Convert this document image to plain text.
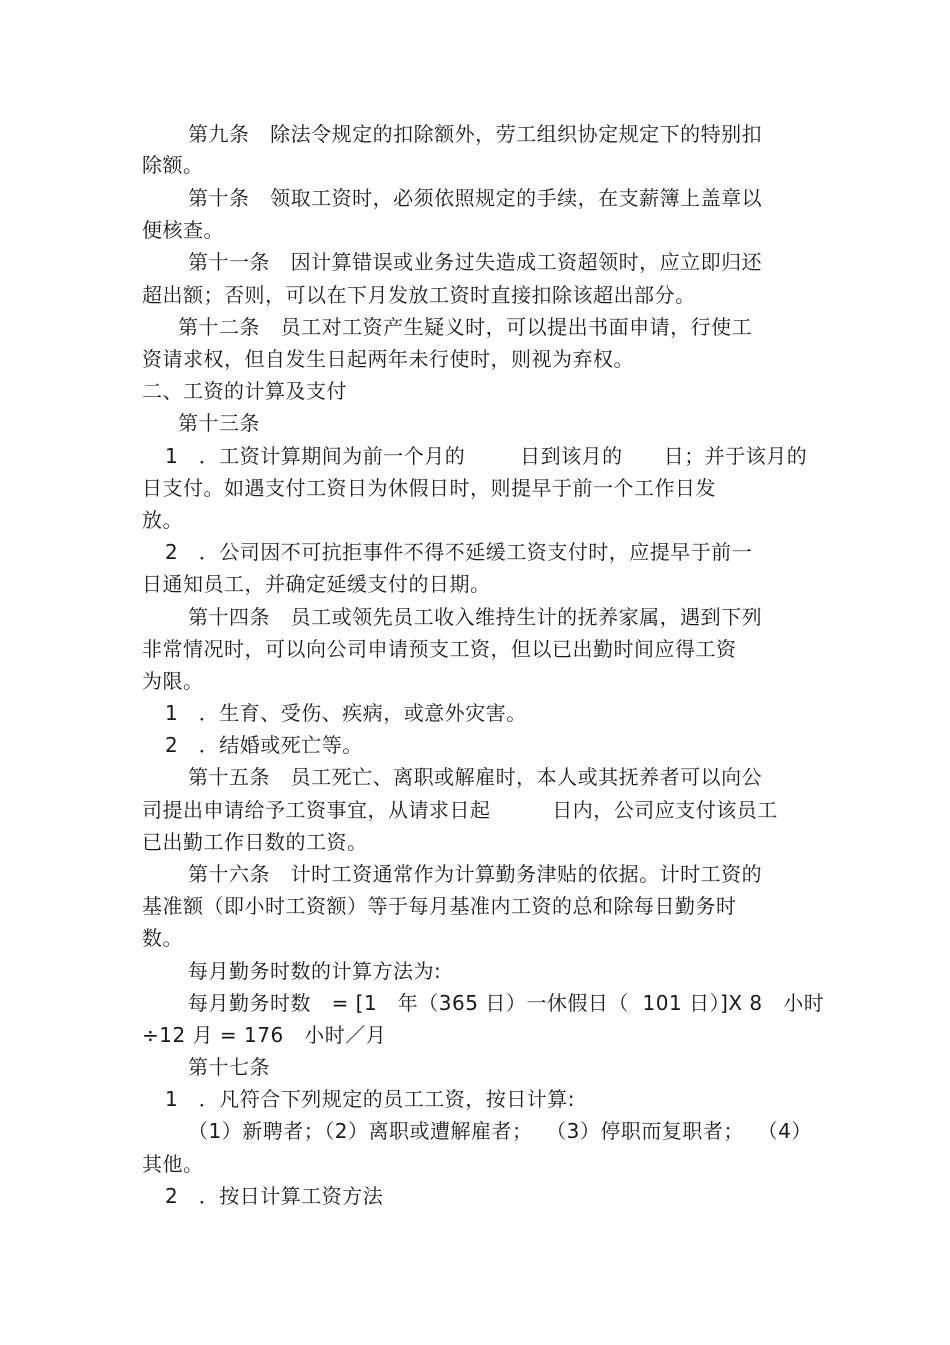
第九条   除法令规定的扣除额外，劳工组织协定规定下的特别扣
除额。
第十条   领取工资时，必须依照规定的手续，在支薪簿上盖章以
便核查。
第十一条   因计算错误或业务过失造成工资超领时，应立即归还
超出额；否则，可以在下月发放工资时直接扣除该超出部分。
第十二条   员工对工资产生疑义时，可以提出书面申请，行使工
资请求权，但自发生日起两年未行使时，则视为弃权。
二、工资的计算及支付
第十三条
1   ．工资计算期间为前一个月的        日到该月的      日；并于该月的
日支付。如遇支付工资日为休假日时，则提早于前一个工作日发
放。
2   ．公司因不可抗拒事件不得不延缓工资支付时，应提早于前一
日通知员工，并确定延缓支付的日期。
第十四条   员工或领先员工收入维持生计的抚养家属，遇到下列
非常情况时，可以向公司申请预支工资，但以已出勤时间应得工资
为限。
1   ．生育、受伤、疾病，或意外灾害。
2   ．结婚或死亡等。
第十五条   员工死亡、离职或解雇时，本人或其抚养者可以向公
司提出申请给予工资事宜，从请求日起         日内，公司应支付该员工
已出勤工作日数的工资。
第十六条   计时工资通常作为计算勤务津贴的依据。计时工资的
基准额（即小时工资额）等于每月基准内工资的总和除每日勤务时
数。
每月勤务时数的计算方法为:
每月勤务时数   = [1   年（365 日）一休假日（  101 日）]X 8   小时
÷12 月 = 176   小时／月
第十七条
1   ．凡符合下列规定的员工工资，按日计算:
（1）新聘者；（2）离职或遭解雇者；  （3）停职而复职者；  （4）
其他。
2   ．按日计算工资方法
